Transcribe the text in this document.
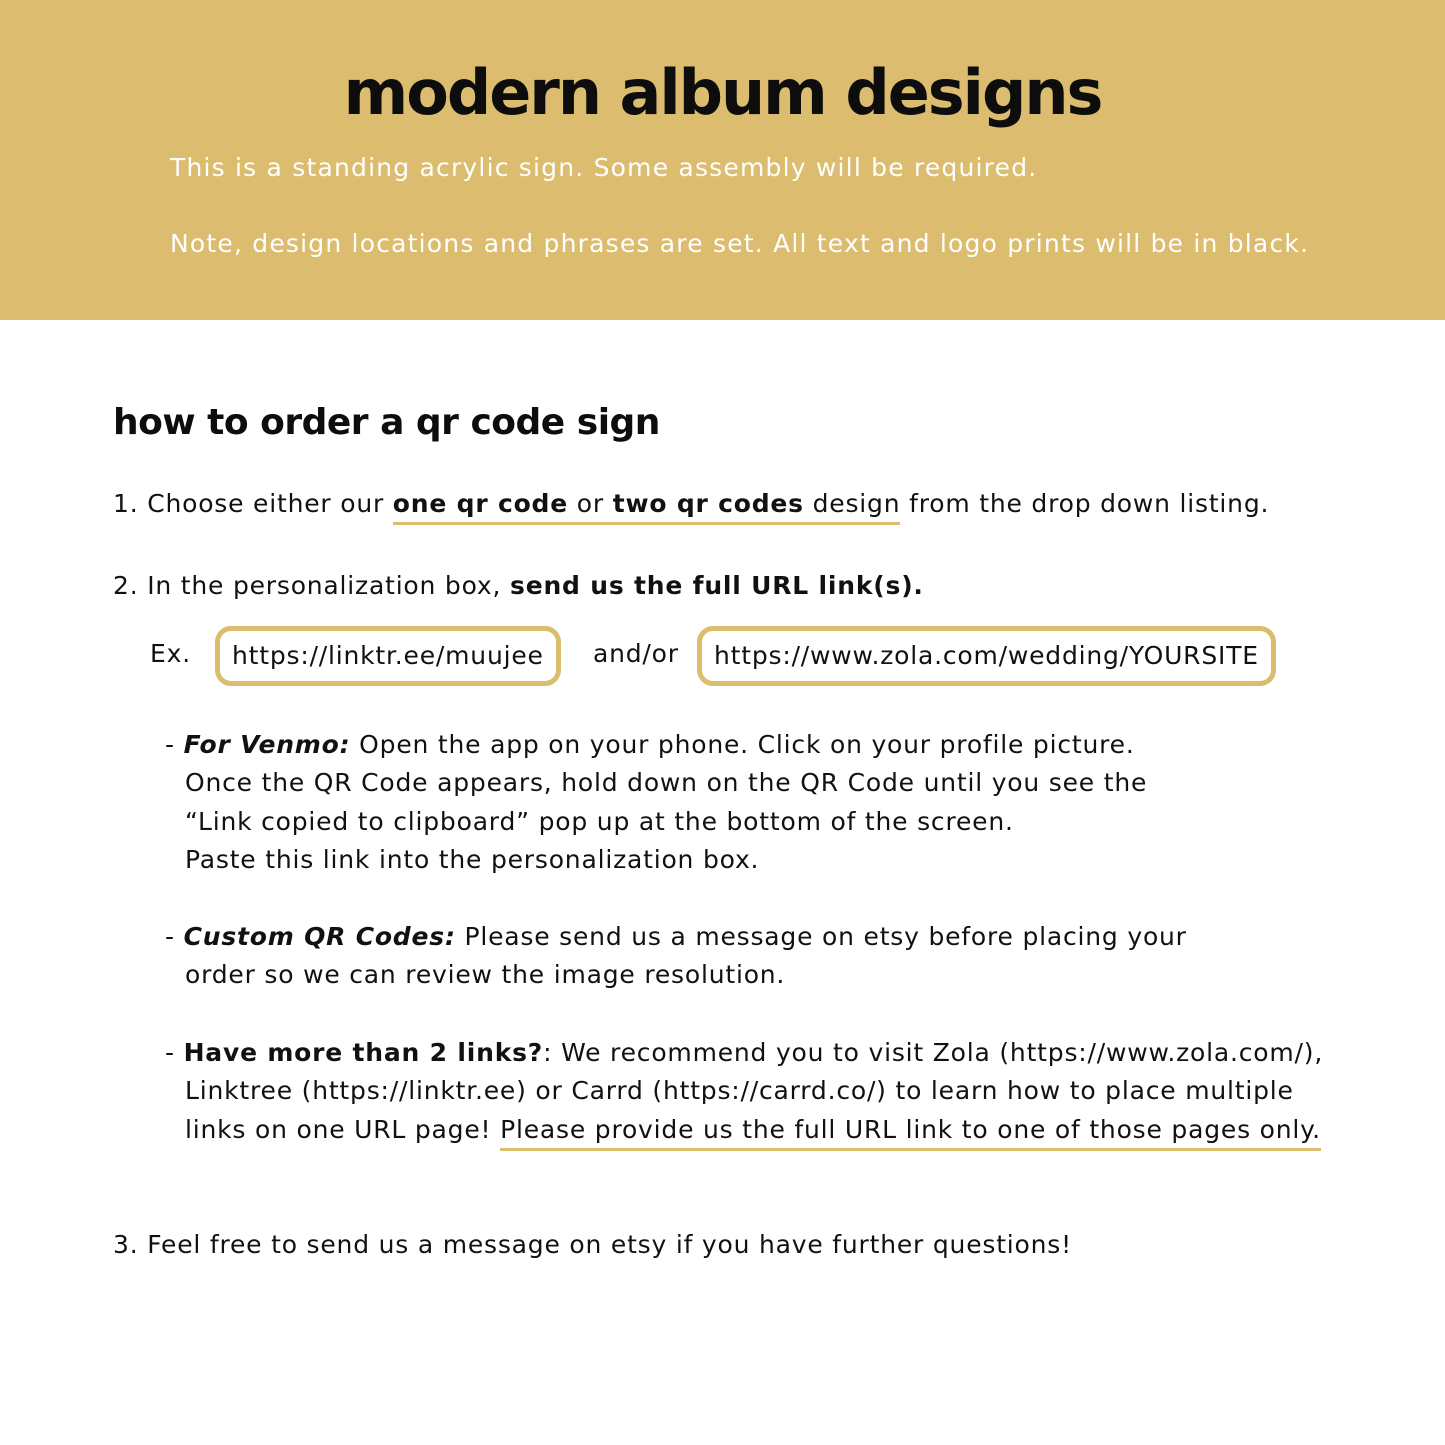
modern album designs
This is a standing acrylic sign. Some assembly will be required.
Note, design locations and phrases are set. All text and logo prints will be in black.
how to order a qr code sign
1. Choose either our one qr code or two qr codes design from the drop down listing.
2. In the personalization box, send us the full URL link(s).
Ex.	https://linktr.ee/muujee	and/or	https://www.zola.com/wedding/YOURSITE
- For Venmo: Open the app on your phone. Click on your profile picture.
Once the QR Code appears, hold down on the QR Code until you see the
“Link copied to clipboard” pop up at the bottom of the screen.
Paste this link into the personalization box.
- Custom QR Codes: Please send us a message on etsy before placing your
order so we can review the image resolution.
- Have more than 2 links?: We recommend you to visit Zola (https://www.zola.com/),
Linktree (https://linktr.ee) or Carrd (https://carrd.co/) to learn how to place multiple
links on one URL page! Please provide us the full URL link to one of those pages only.
3. Feel free to send us a message on etsy if you have further questions!
